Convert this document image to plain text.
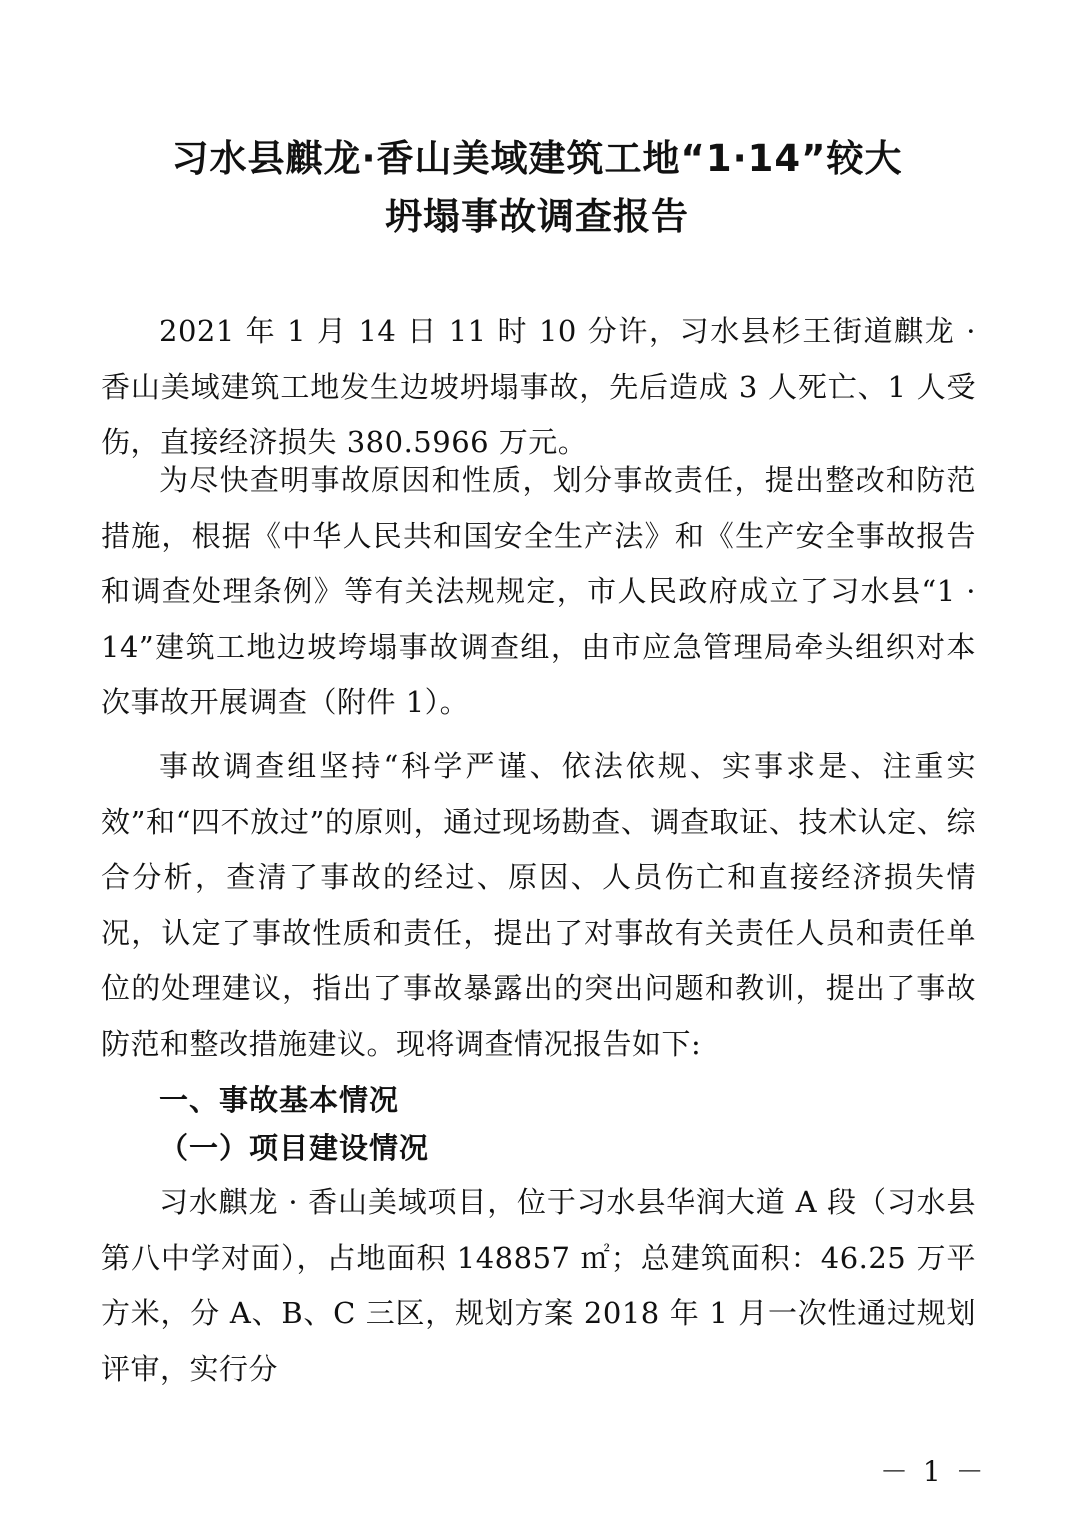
习水县麒龙·香山美域建筑工地“1·14”较大
坍塌事故调查报告

2021 年 1 月 14 日 11 时 10 分许，习水县杉王街道麒龙 · 香山美域建筑工地发生边坡坍塌事故，先后造成 3 人死亡、1 人受伤，直接经济损失 380.5966 万元。

为尽快查明事故原因和性质，划分事故责任，提出整改和防范措施，根据《中华人民共和国安全生产法》和《生产安全事故报告和调查处理条例》等有关法规规定，市人民政府成立了习水县“1 · 14”建筑工地边坡垮塌事故调查组，由市应急管理局牵头组织对本次事故开展调查（附件 1）。

事故调查组坚持“科学严谨、依法依规、实事求是、注重实效”和“四不放过”的原则，通过现场勘查、调查取证、技术认定、综合分析，查清了事故的经过、原因、人员伤亡和直接经济损失情况，认定了事故性质和责任，提出了对事故有关责任人员和责任单位的处理建议，指出了事故暴露出的突出问题和教训，提出了事故防范和整改措施建议。现将调查情况报告如下:

一、事故基本情况
（一）项目建设情况

习水麒龙 · 香山美域项目，位于习水县华润大道 A 段（习水县第八中学对面），占地面积 148857 ㎡；总建筑面积：46.25 万平方米，分 A、B、C 三区，规划方案 2018 年 1 月一次性通过规划评审，实行分

－ 1 －
